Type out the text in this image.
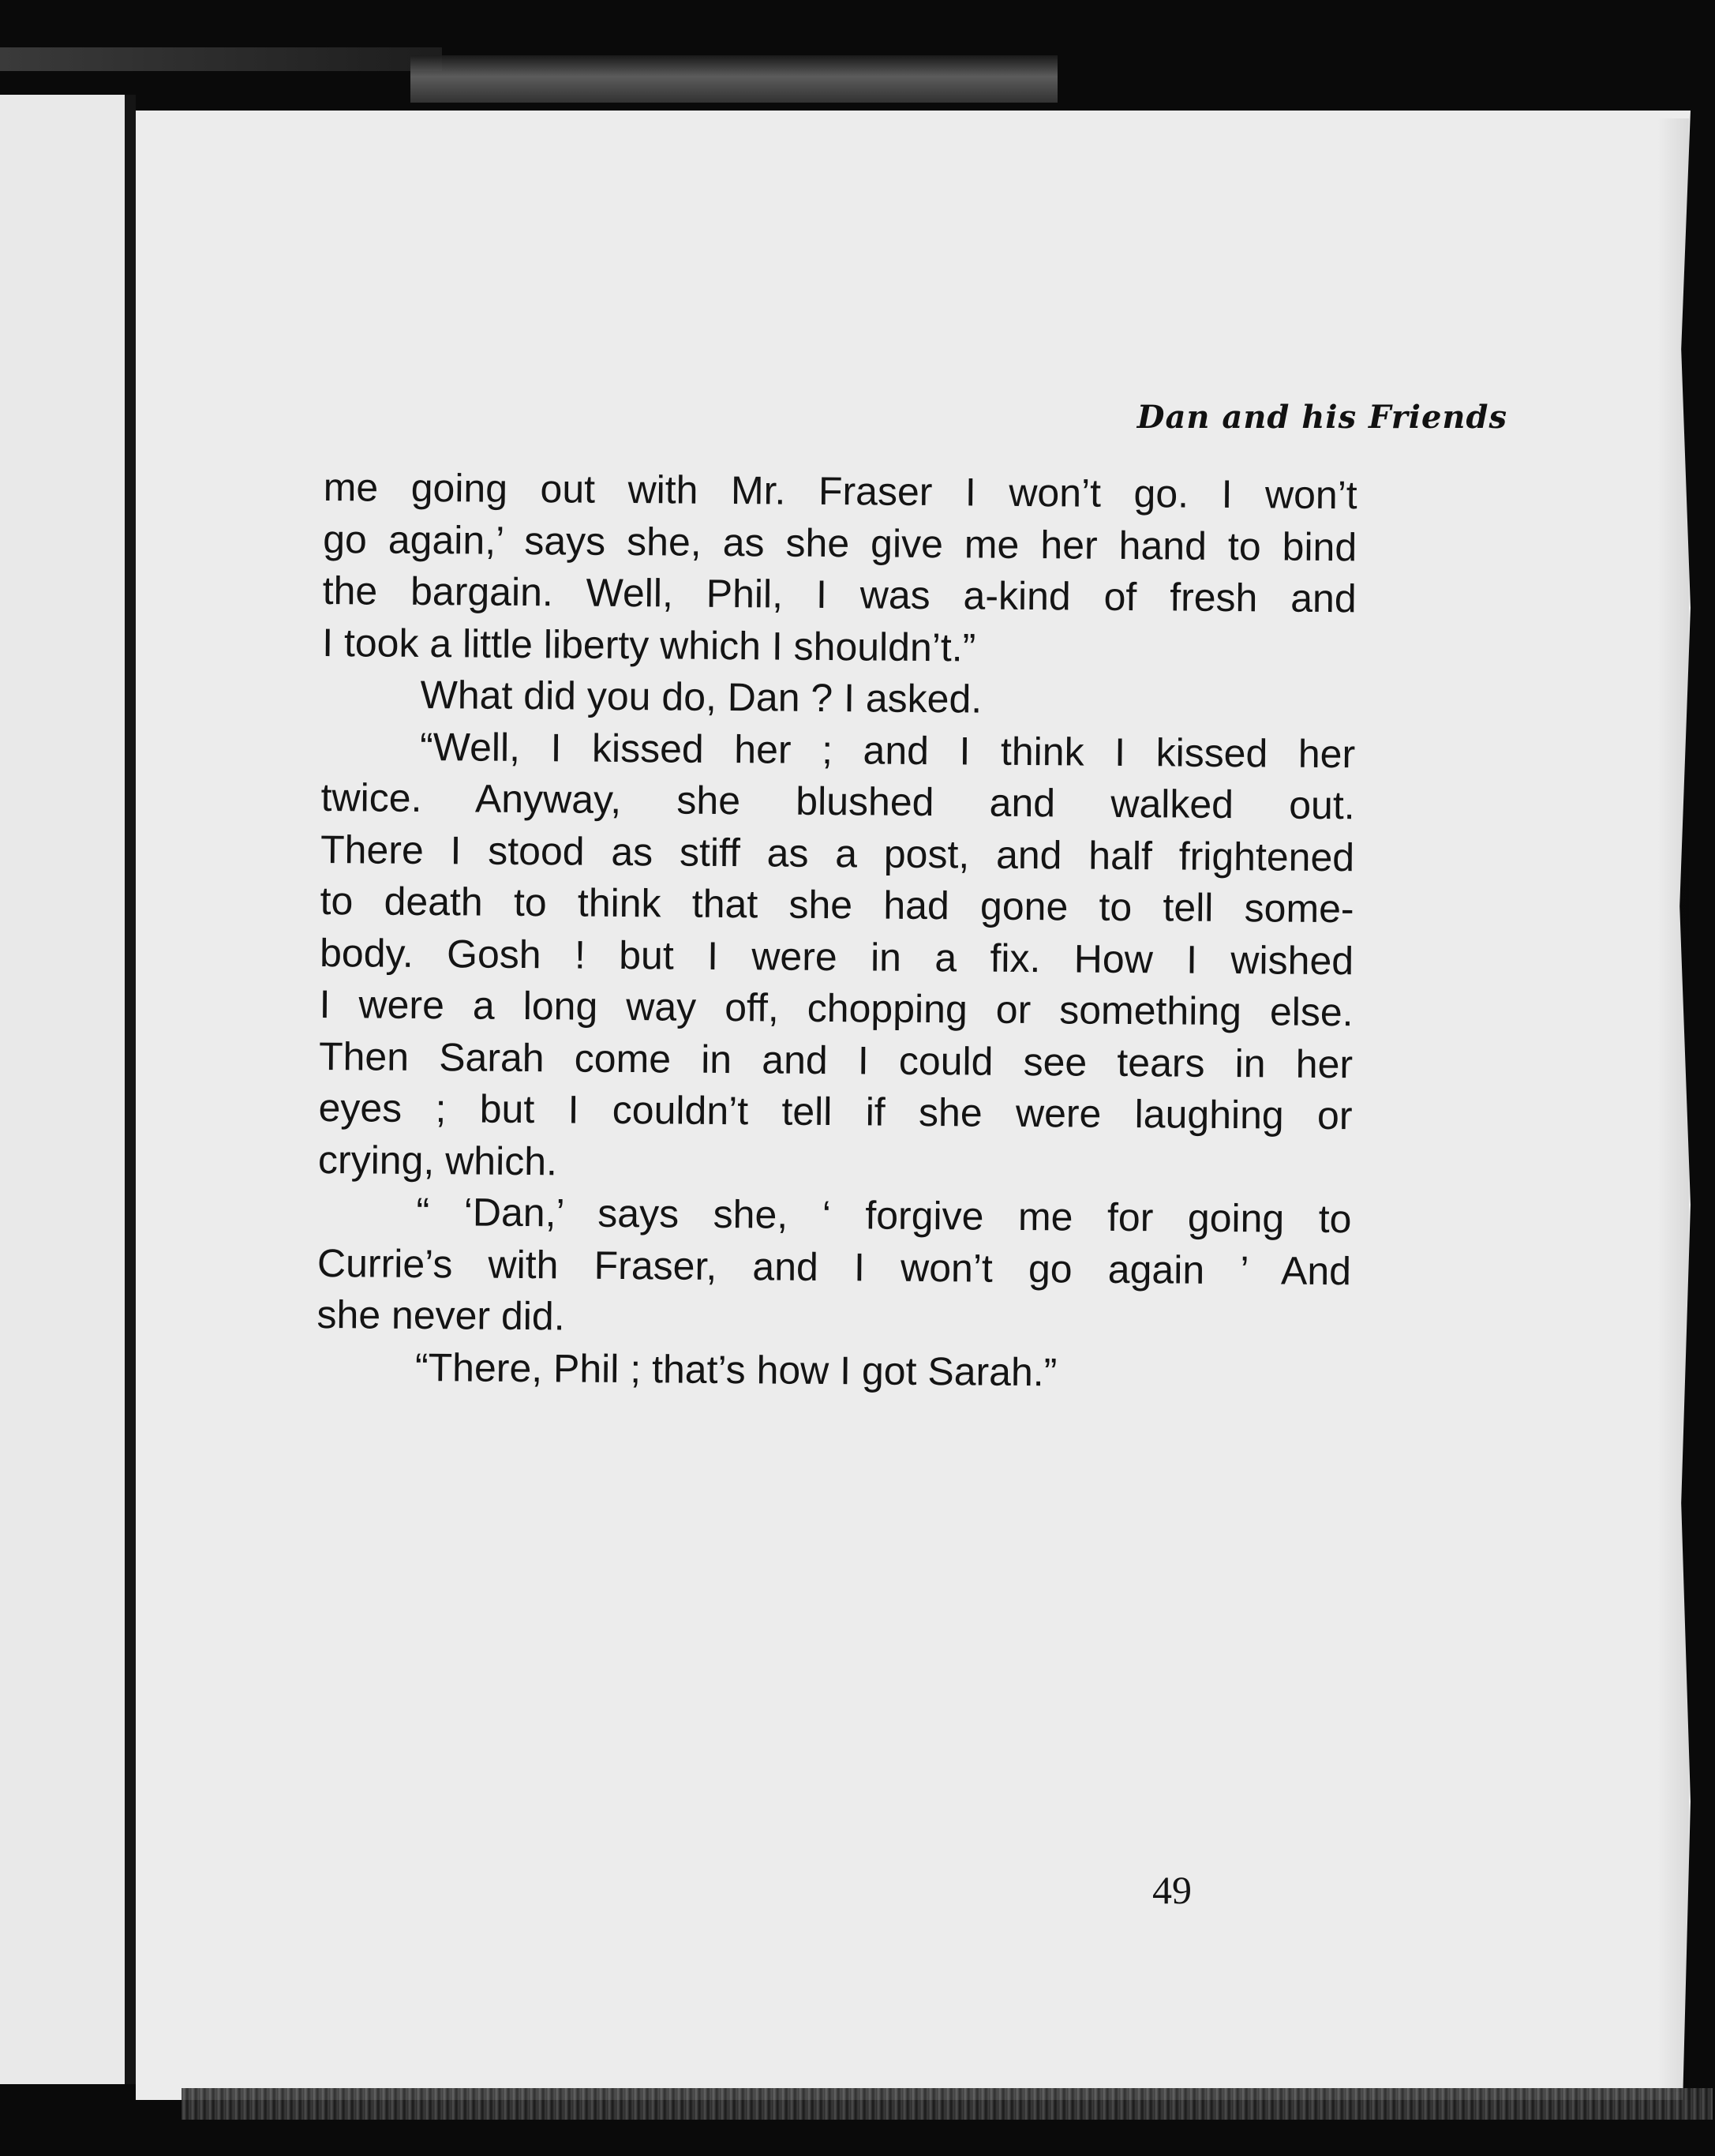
Dan and his Friends
me going out with Mr. Fraser I won’t go. I won’t
go again,’ says she, as she give me her hand to bind
the bargain. Well, Phil, I was a-kind of fresh and
I took a little liberty which I shouldn’t.”
What did you do, Dan ? I asked.
“Well, I kissed her ; and I think I kissed her
twice. Anyway, she blushed and walked out.
There I stood as stiff as a post, and half frightened
to death to think that she had gone to tell some-
body. Gosh ! but I were in a fix. How I wished
I were a long way off, chopping or something else.
Then Sarah come in and I could see tears in her
eyes ; but I couldn’t tell if she were laughing or
crying, which.
“ ‘Dan,’ says she, ‘ forgive me for going to
Currie’s with Fraser, and I won’t go again ’ And
she never did.
“There, Phil ; that’s how I got Sarah.”
49
